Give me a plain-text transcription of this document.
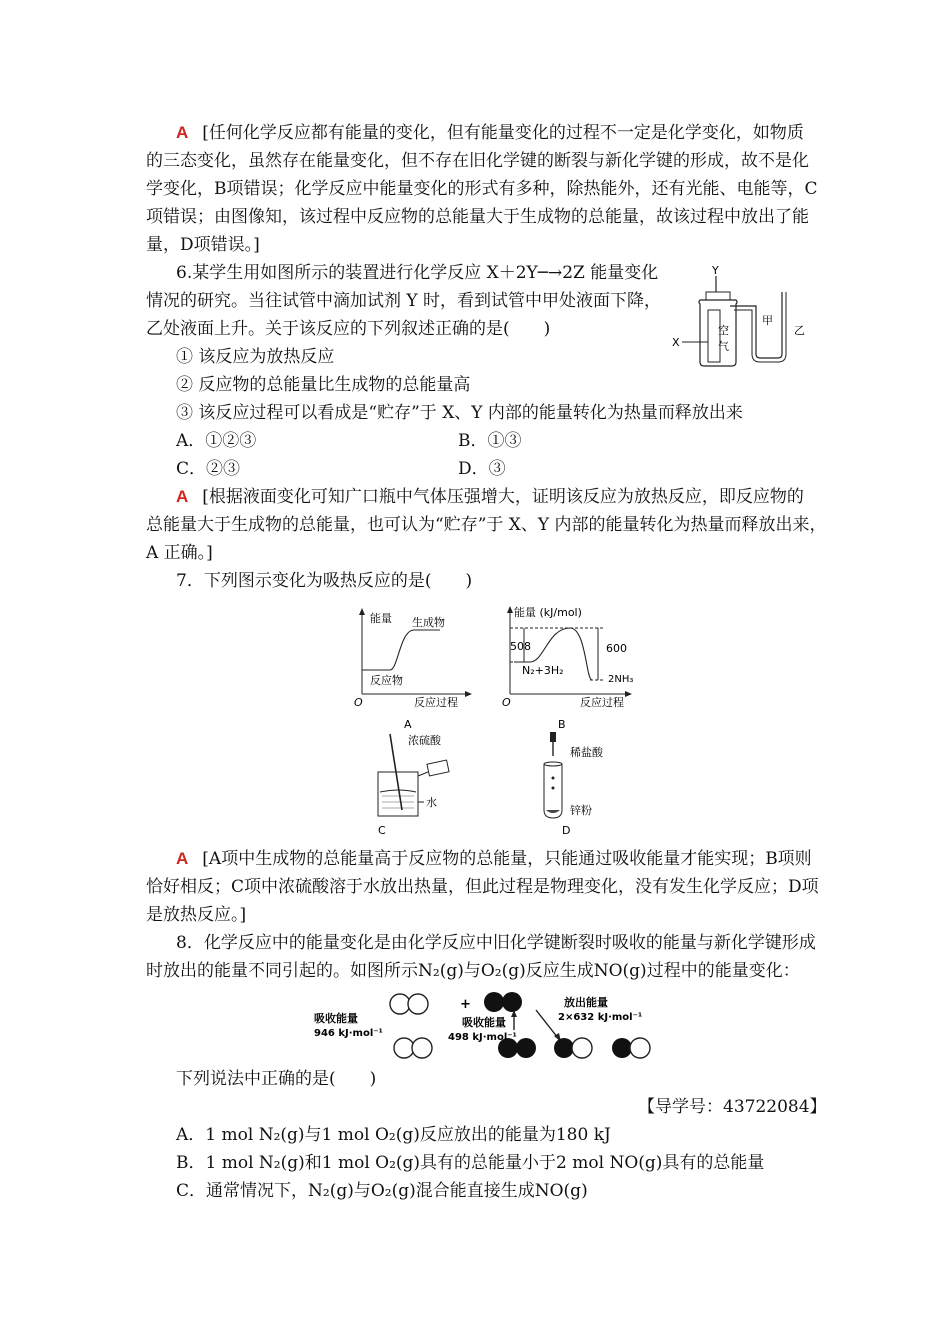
A [任何化学反应都有能量的变化，但有能量变化的过程不一定是化学变化，如物质
的三态变化，虽然存在能量变化，但不存在旧化学键的断裂与新化学键的形成，故不是化
学变化，B项错误；化学反应中能量变化的形式有多种，除热能外，还有光能、电能等，C
项错误；由图像知，该过程中反应物的总能量大于生成物的总能量，故该过程中放出了能
量，D项错误。]
6.某学生用如图所示的装置进行化学反应 X＋2Y─→2Z 能量变化
情况的研究。当往试管中滴加试剂 Y 时，看到试管中甲处液面下降，
乙处液面上升。关于该反应的下列叙述正确的是(　　)
① 该反应为放热反应
② 反应物的总能量比生成物的总能量高
③ 该反应过程可以看成是“贮存”于 X、Y 内部的能量转化为热量而释放出来
A．①②③	B．①③
C．②③	D．③
Y
空
气
X
甲
乙
A [根据液面变化可知广口瓶中气体压强增大，证明该反应为放热反应，即反应物的
总能量大于生成物的总能量，也可认为“贮存”于 X、Y 内部的能量转化为热量而释放出来，
A 正确。]
7．下列图示变化为吸热反应的是(　　)
能量 生成物
反应物
O	反应过程
A
能量 (kJ/mol)
508	600
N₂+3H₂
2NH₃
O	反应过程
B
浓硫酸
水
C
稀盐酸
锌粉
D
A [A项中生成物的总能量高于反应物的总能量，只能通过吸收能量才能实现；B项则
恰好相反；C项中浓硫酸溶于水放出热量，但此过程是物理变化，没有发生化学反应；D项
是放热反应。]
8．化学反应中的能量变化是由化学反应中旧化学键断裂时吸收的能量与新化学键形成
时放出的能量不同引起的。如图所示N₂(g)与O₂(g)反应生成NO(g)过程中的能量变化：
吸收能量
946 kJ·mol⁻¹
+
吸收能量
498 kJ·mol⁻¹
放出能量
2×632 kJ·mol⁻¹
下列说法中正确的是(　　)
【导学号：43722084】
A．1 mol N₂(g)与1 mol O₂(g)反应放出的能量为180 kJ
B．1 mol N₂(g)和1 mol O₂(g)具有的总能量小于2 mol NO(g)具有的总能量
C．通常情况下，N₂(g)与O₂(g)混合能直接生成NO(g)
